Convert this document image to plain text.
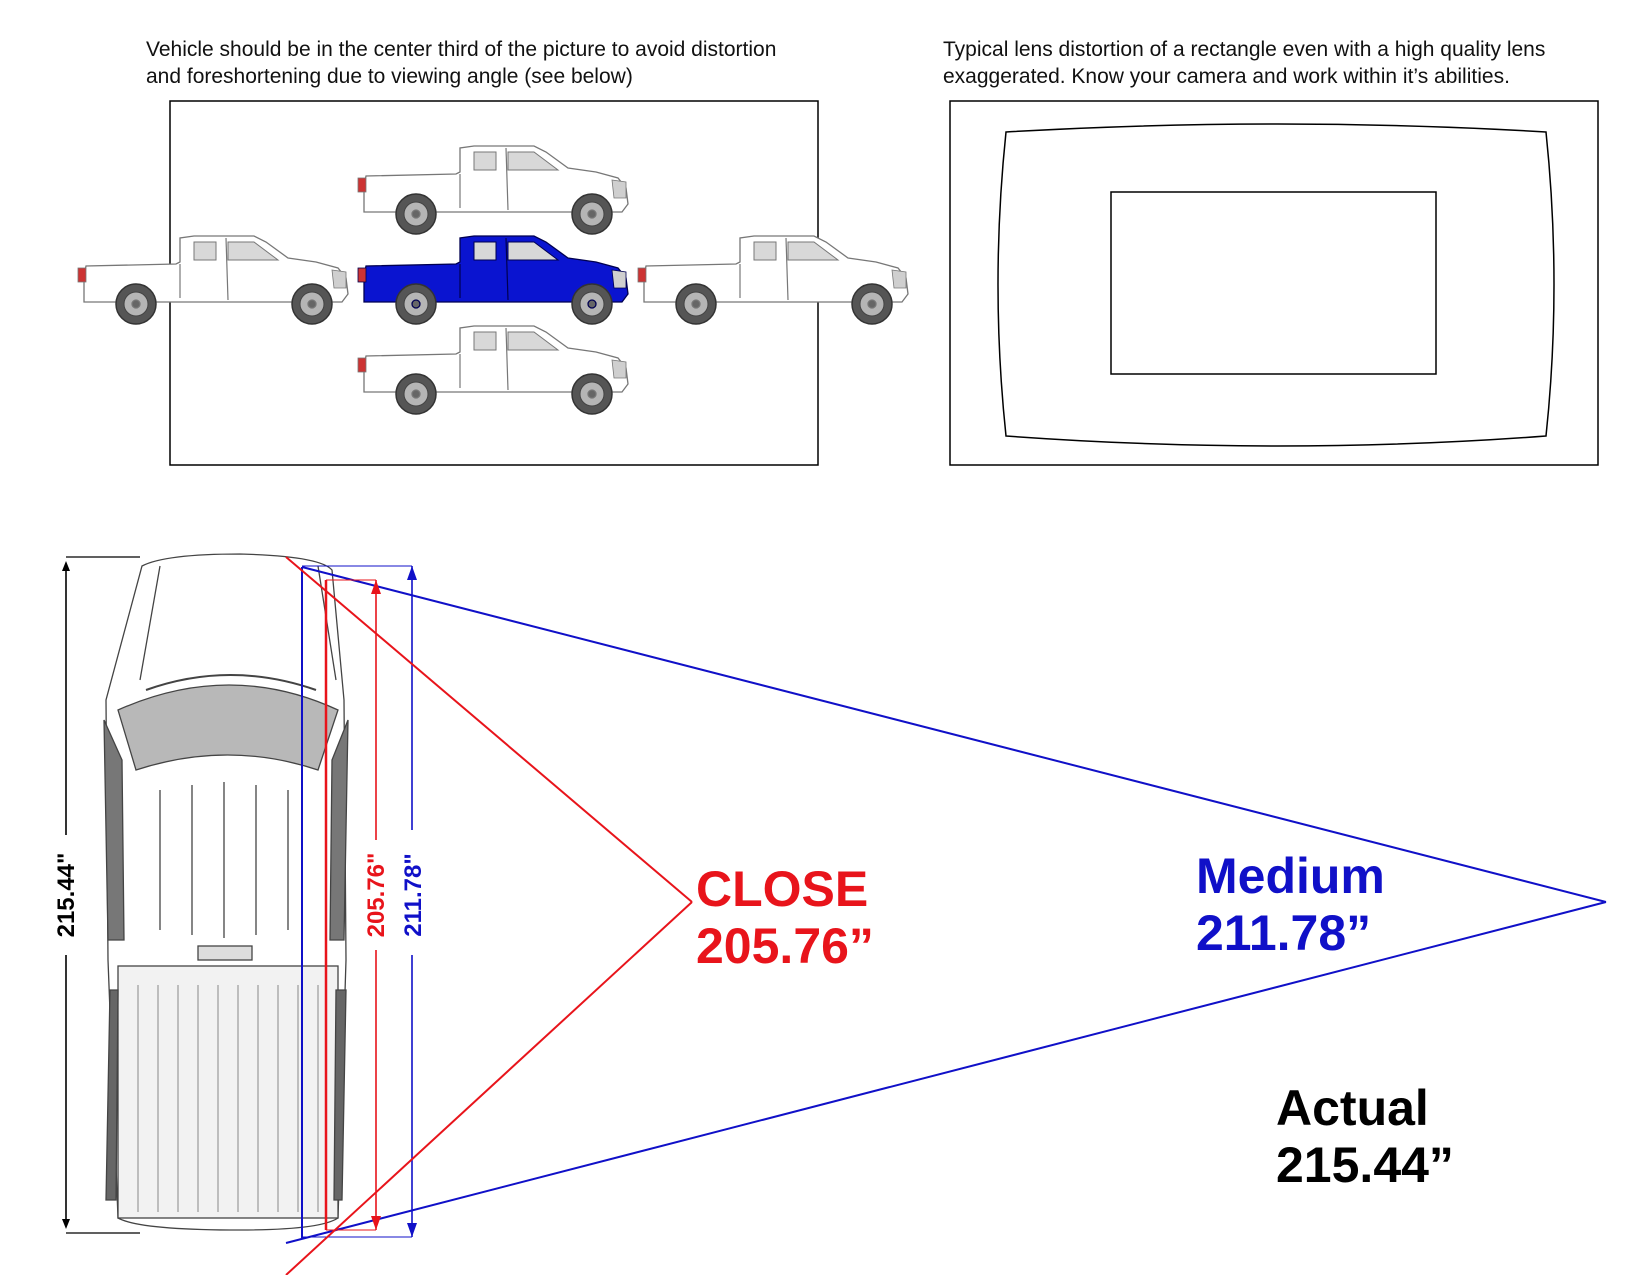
Vehicle should be in the center third of the picture to avoid distortion
and foreshortening due to viewing angle (see below)
Typical lens distortion of a rectangle even with a high quality lens
exaggerated. Know your camera and work within it’s abilities.
215.44"	211.78"
205.76"	CLOSE
205.76”
Medium
211.78”
Actual
215.44”
